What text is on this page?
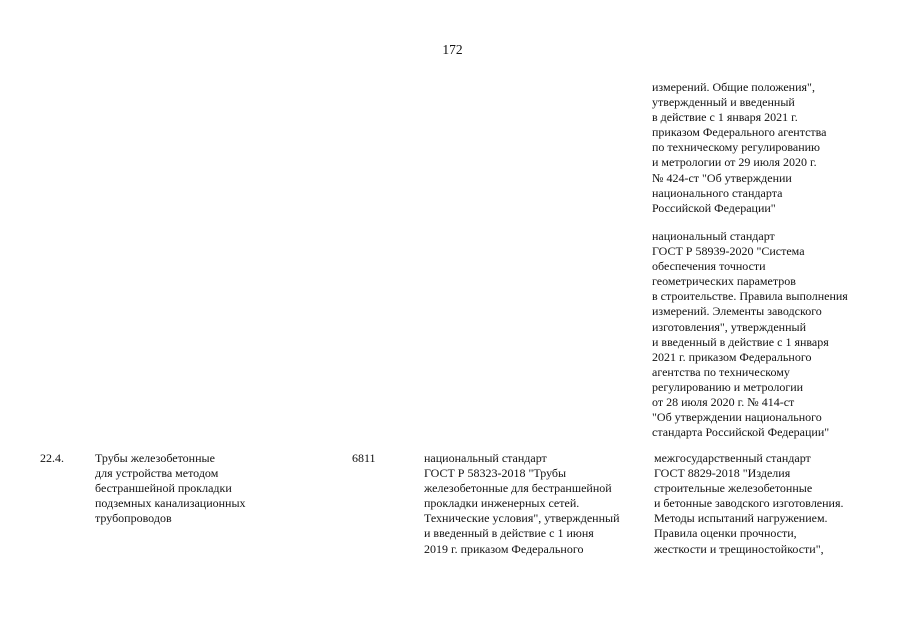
172
измерений. Общие положения",
утвержденный и введенный
в действие с 1 января 2021 г.
приказом Федерального агентства
по техническому регулированию
и метрологии от 29 июля 2020 г.
№ 424-ст "Об утверждении
национального стандарта
Российской Федерации"
национальный стандарт
ГОСТ Р 58939-2020 "Система
обеспечения точности
геометрических параметров
в строительстве. Правила выполнения
измерений. Элементы заводского
изготовления", утвержденный
и введенный в действие с 1 января
2021 г. приказом Федерального
агентства по техническому
регулированию и метрологии
от 28 июля 2020 г. № 414-ст
"Об утверждении национального
стандарта Российской Федерации"
22.4.	Трубы железобетонные
для устройства методом
бестраншейной прокладки
подземных канализационных
трубопроводов
6811	национальный стандарт
ГОСТ Р 58323-2018 "Трубы
железобетонные для бестраншейной
прокладки инженерных сетей.
Технические условия", утвержденный
и введенный в действие с 1 июня
2019 г. приказом Федерального
межгосударственный стандарт
ГОСТ 8829-2018 "Изделия
строительные железобетонные
и бетонные заводского изготовления.
Методы испытаний нагружением.
Правила оценки прочности,
жесткости и трещиностойкости",
